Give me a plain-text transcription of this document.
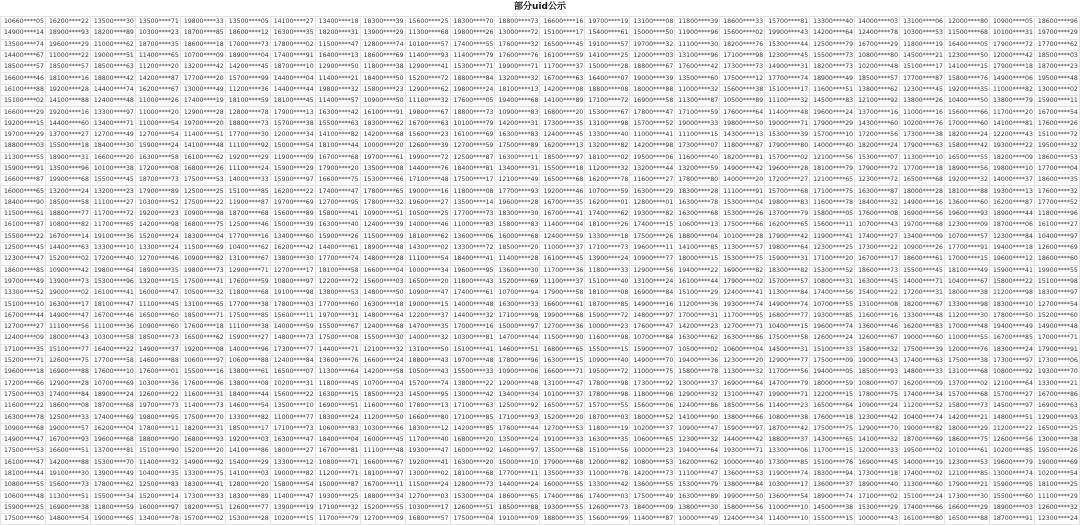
部分uid公示
10660****05	16200****22	13500****30	13500****71	19800****33	13500****05	14100****27	13400****18	18300****39	15600****25	18300****70	18800****73	16600****16	19700****19	13100****08	11800****39	18600****33	15700****81	13300****40	14000****03	13100****06	12000****80	10900****05	18600****96
14900****14	18900****93	18200****89	10300****23	18700****85	18600****12	16300****35	18200****31	13900****29	11300****68	19800****26	13000****72	15100****17	15400****61	15000****50	11900****96	15600****02	19900****43	14200****64	12400****78	10300****53	11500****68	10100****31	19700****29
13500****74	19600****29	11000****62	18700****35	18600****18	17000****73	17800****02	11500****47	12800****74	10100****57	17400****55	17600****32	16500****45	19100****57	19700****32	11100****30	18200****76	15300****44	12500****79	16700****29	11800****19	16400****05	17900****72	17700****62
14400****67	11000****22	19000****51	11400****65	10700****09	18900****04	17400****91	16400****13	18600****69	11400****93	11400****79	17600****76	16100****59	14100****25	12000****03	13100****96	17100****98	12300****45	15500****73	10800****80	14500****21	12300****50	12000****42	18500****03
18500****57	18500****57	18500****63	11200****20	13200****42	14200****45	18700****10	12900****50	11800****38	12900****41	15300****71	19900****71	11700****37	15000****28	18800****67	17600****42	17300****73	14900****31	18200****73	10200****48	15100****17	14100****15	17900****18	18700****23
16600****46	18100****16	18800****42	14200****87	17700****20	15700****99	14400****04	11400****21	18400****50	15200****72	18800****84	13200****32	16700****63	16400****07	19000****39	13500****60	17500****12	17700****74	18900****49	18500****57	17700****87	15800****76	14900****06	19500****48
16100****88	19200****28	14400****74	16200****67	13000****49	11200****36	14400****44	19800****32	15800****23	12900****62	19800****24	18100****13	14200****08	18800****08	18000****88	11000****32	15600****38	15100****17	11600****51	13800****62	12300****45	19200****35	11000****82	13000****02
15100****02	14100****88	12400****48	11000****26	17400****19	18100****59	18100****45	11400****57	10900****50	11100****32	17600****05	19400****68	14100****89	17100****72	16900****58	11300****87	10500****89	11100****32	14500****83	12100****92	13800****26	10400****50	13800****79	15900****11
16600****29	19200****16	13300****97	11000****20	12900****28	12800****78	17900****13	16300****42	16100****91	19800****67	18800****73	10900****83	16800****20	15300****67	17800****47	17100****59	17600****64	11400****48	19600****24	13700****16	11000****16	15600****66	11700****20	16700****54
19200****15	14400****60	13400****71	11000****54	19700****20	18800****73	15700****38	15500****63	18300****62	16700****63	10100****79	14200****31	17300****35	13100****98	15700****52	19000****33	19800****50	19000****71	17900****29	14300****60	10200****76	17000****60	14100****81	17600****26
19700****29	13700****27	12700****49	12700****54	11400****51	17700****30	12000****34	14100****82	14200****68	15600****23	16100****69	16300****83	12400****45	13300****40	11000****41	11100****15	14300****13	15300****39	15700****10	17200****56	17300****38	18200****24	12200****43	15100****72
18800****03	15500****18	18400****30	15900****24	14100****48	11100****92	15000****54	18100****44	10000****20	12600****39	12700****59	17500****89	16200****13	13200****82	14200****98	17300****07	11800****87	17900****80	14000****40	18200****24	17900****63	15800****42	19300****22	19500****32
11300****55	18900****31	16600****20	16300****58	16100****62	19200****29	11900****09	16700****68	19700****61	19900****72	12500****87	16300****11	18500****97	18100****02	19500****06	11600****40	18200****81	15700****02	12100****56	15300****07	11300****10	16500****55	18200****09	18600****53
15900****91	13500****96	10100****38	17200****08	16800****26	11100****24	15900****29	17900****20	13500****08	14400****76	18400****81	13400****31	15500****18	11200****32	13200****44	13200****59	14900****42	19600****28	18100****79	17900****72	17700****18	18900****56	19800****10	17700****04
16600****87	19900****68	15500****45	18700****73	17500****53	14000****33	15900****97	16600****75	15300****66	17100****48	17500****17	12100****49	16500****68	16200****78	11600****27	17800****80	14000****20	17200****27	12100****65	12300****72	16500****68	19200****32	14000****37	18600****35
16000****65	13200****24	13200****23	17900****89	12500****25	15100****85	16200****22	17400****47	17800****65	19000****16	11800****08	17700****93	19200****46	10700****59	16300****29	18300****28	11100****91	15700****68	17100****75	16300****87	18000****28	18100****88	19300****13	17600****32
18400****90	18500****58	11100****27	10300****52	17500****22	11900****87	19700****69	12700****95	17800****32	19600****27	13500****14	19600****28	16700****35	16200****01	12800****01	16300****78	15300****04	19800****83	11600****78	18400****32	14900****16	13600****60	16200****87	17700****52
11500****61	18800****77	11700****72	19200****23	10900****98	18700****68	15600****89	15800****41	10900****51	10500****25	17700****73	18300****30	16700****41	17400****62	19300****82	16300****68	15300****26	13700****79	15800****05	17600****08	16900****56	19600****93	18900****44	11800****96
16100****87	10800****82	11700****65	14200****98	16800****75	12500****46	15000****39	16300****40	12400****39	14000****46	11000****83	15800****83	11400****04	18100****26	17400****15	10600****13	17500****66	16200****65	15600****11	10700****43	19700****68	12300****09	18700****06	16100****27
15500****22	16700****14	19100****36	15200****24	18300****04	17700****16	13400****60	15900****26	11500****09	18100****62	13600****06	16000****68	12400****59	13300****18	17500****26	18800****04	10100****28	17900****42	11900****41	17400****27	13400****09	10700****57	12300****84	10400****97
12500****45	14400****63	13300****10	13300****24	11500****69	10400****62	16200****42	14400****61	18900****48	14300****02	13300****72	18500****20	11000****37	17100****73	19600****11	14100****85	11300****57	19800****64	12300****25	17300****22	10900****26	17700****91	19400****18	12600****69
12300****47	15200****02	17200****40	12700****46	10900****82	13100****67	13800****30	17700****74	14800****28	11100****54	18400****41	11400****28	16100****45	13900****24	10900****77	18000****15	15300****75	15900****31	17100****20	16700****17	18600****61	17000****15	19600****12	18600****60
18600****85	10900****42	19800****64	18900****35	19800****73	12900****71	12700****17	18100****58	16600****04	10000****34	19600****95	13600****30	11700****36	11800****33	12900****56	19400****22	16900****82	18300****82	15300****52	18600****73	15500****45	18100****49	15900****41	19900****55
19700****49	13900****73	15300****96	13200****15	17500****41	17600****59	10800****97	12200****72	15600****03	16500****20	11800****43	15200****69	11100****37	15100****40	13100****24	16100****44	17900****02	15700****57	10800****31	16300****45	14000****71	10400****67	15800****22	15100****98
13300****52	19000****02	16100****41	16000****47	10500****32	11800****68	19100****98	13800****53	14800****50	10900****47	17400****61	10700****94	17900****58	18100****08	16900****84	15100****29	12400****41	11300****84	17400****56	15400****22	17200****31	18000****38	11200****98	18300****97
15100****10	16300****17	18100****47	11100****45	13100****65	17700****38	17800****03	17700****60	16300****18	19000****15	14000****48	16300****33	16600****61	18700****85	14900****16	11200****36	19300****74	14900****74	10700****55	13100****08	18200****67	13300****98	18300****10	12700****54
16700****44	14900****47	16700****46	16500****60	18500****71	17500****85	15600****11	19700****31	14800****64	12200****37	14400****32	17100****98	19900****68	15900****72	14800****97	17000****31	11700****95	16800****77	19300****85	11600****16	13300****48	11200****30	17800****50	15200****60
12700****27	11100****56	11100****36	10900****60	17600****18	11100****38	14000****59	15500****67	12400****68	14700****35	17000****16	15000****97	12700****36	10000****23	17600****47	14200****23	12700****71	10400****15	19600****74	13600****46	16200****83	17000****48	19400****49	14900****48
12400****09	18000****43	10300****58	18500****73	16500****62	15900****27	14800****73	17500****08	15500****30	14000****32	10300****81	14700****44	11500****90	11600****98	10700****84	16300****62	16300****86	17500****58	12600****24	12600****67	19000****60	11000****55	16700****85	17000****71
17100****35	15100****77	16400****22	14900****37	19200****08	14000****96	17300****77	14400****71	12100****32	13100****50	15100****41	14600****51	16800****65	15500****15	15900****07	10500****02	10600****04	14500****31	15100****33	15800****32	17500****39	12000****76	18300****24	17900****91
15200****71	12600****75	17700****58	14600****88	10600****97	10600****88	12400****84	13600****76	16600****24	18800****43	19700****48	17800****96	16300****15	10900****40	14900****70	19400****36	12300****20	12900****77	17500****09	19000****43	17400****63	17500****38	17300****97	17300****06
19600****18	16900****88	17600****10	17600****01	15500****16	13800****61	16500****07	11300****64	14200****58	10500****43	15500****33	10900****06	16600****71	19500****72	11000****75	15800****78	11300****32	11700****56	19400****05	18500****93	14800****33	13100****68	10800****92	19300****70
17200****66	12900****28	10700****69	10300****36	17600****96	13800****08	10200****31	11800****45	10700****04	15700****74	13800****22	12900****48	13100****47	17800****98	17300****92	13000****37	16900****64	14700****79	18000****59	10800****07	16200****09	13700****02	12100****64	13300****21
17500****03	17400****84	18900****24	12600****22	11600****31	18400****44	15600****22	16300****15	18500****23	14500****95	13000****42	13400****34	10100****37	17800****98	11800****96	12900****32	13100****47	19900****71	12200****15	17800****75	17400****34	15700****68	15700****27	16700****86
11600****22	18600****08	18700****68	19700****73	11400****73	14600****54	13500****10	16900****51	11600****60	17800****13	17100****63	12500****92	16500****57	15700****55	15600****06	12400****86	18500****56	11400****23	16500****64	10900****24	11200****52	15800****73	14500****97	16900****63
16300****78	12500****33	17400****69	19800****95	17500****70	13300****82	11000****77	18300****24	11200****50	16600****80	17100****85	17100****93	15200****20	18700****03	18000****52	14100****90	13800****66	10800****38	17600****18	12300****42	10400****74	14200****21	14800****51	12900****93
10900****68	19000****57	16200****04	17800****11	18200****31	18500****17	17100****73	10600****83	10300****66	18300****12	14200****85	17600****44	12700****53	11800****19	10200****37	10900****47	15900****97	18700****42	17500****75	12900****70	19000****82	18000****29	11200****22	16500****25
14900****47	16700****93	19600****68	18800****90	16800****93	19200****03	16300****47	18400****04	16000****45	11700****40	16800****20	13500****24	19100****33	16300****35	10600****65	12300****32	14400****42	18800****37	14300****65	14100****32	18700****69	18600****75	12600****56	13000****38
17500****53	16600****51	13700****81	15100****90	15200****20	14100****86	18000****27	16700****81	11100****48	19300****47	16000****92	14600****97	13500****68	15100****56	10000****23	19400****64	19300****71	13300****06	11700****15	12000****33	19500****02	10100****61	10200****85	19500****26
16100****47	14200****88	15300****70	11400****32	14900****92	15400****29	13300****12	10800****71	16600****67	19200****41	16300****20	15000****10	17900****68	12000****82	10800****53	16200****62	10000****40	17300****85	15100****76	16900****45	14000****19	12300****53	19600****79	19000****69
18100****44	19100****30	13900****49	10400****35	13300****75	14100****03	19000****82	11200****71	18100****97	13000****02	18100****68	17700****11	13500****33	11000****78	14200****73	11100****47	13600****53	11900****74	18300****94	17300****18	17400****02	12100****85	13000****74	10200****54
10800****55	15600****73	17800****62	12500****83	18300****41	12800****20	15800****54	15000****87	16700****11	11500****24	12800****73	14400****24	16000****55	13300****42	13600****55	15300****79	13800****84	10300****17	13600****37	18900****40	11300****60	17900****21	15900****95	18100****25
10600****48	11300****51	15500****34	15200****14	17300****33	18300****89	11400****47	19300****25	18800****34	12700****03	15300****04	18600****65	17400****86	17400****03	17500****49	16300****89	19900****50	13600****54	18900****74	17100****02	15100****24	17300****30	15500****60	11100****29
15900****25	16900****38	11800****59	16000****97	18200****51	12600****77	13900****19	17100****32	15200****55	10300****17	12600****51	18500****88	19300****55	12600****73	18400****09	13800****30	15800****56	11000****10	14500****38	15300****29	17400****66	16600****29	18900****03	12600****32
17500****60	14800****54	19000****65	13400****78	15700****02	15300****28	10200****15	11700****79	12700****09	16800****57	17500****04	19100****09	18800****35	15600****99	11400****87	10000****49	12400****34	11400****10	15500****15	10000****43	16100****80	16500****88	18700****91	12300****24
